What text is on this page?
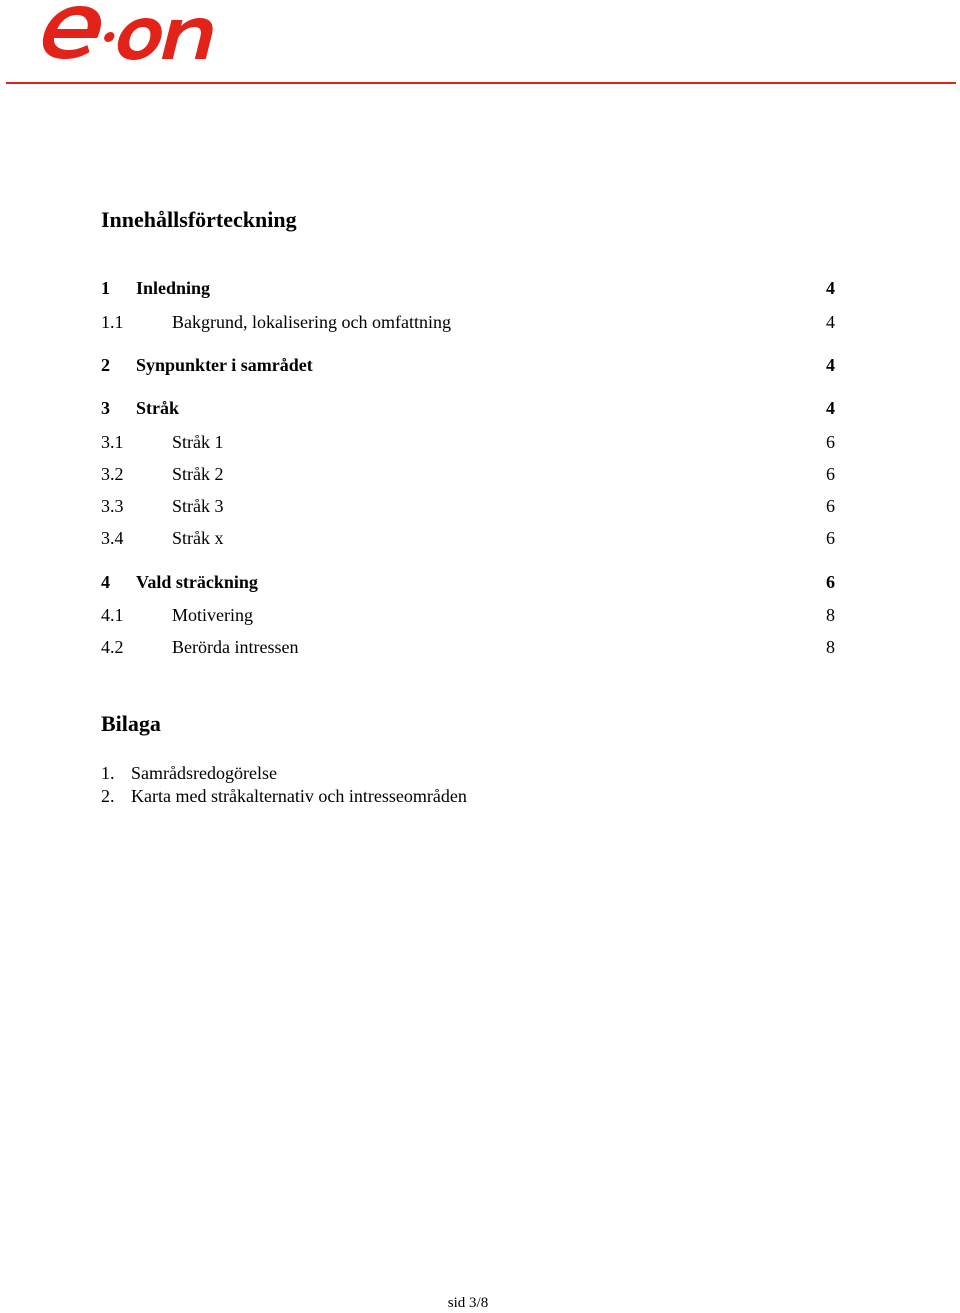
Innehållsförteckning
1 Inledning	4
1.1	Bakgrund, lokalisering och omfattning	4
2 Synpunkter i samrådet	4
3 Stråk	4
3.1	Stråk 1	6
3.2	Stråk 2	6
3.3	Stråk 3	6
3.4	Stråk x	6
4 Vald sträckning	6
4.1	Motivering	8
4.2	Berörda intressen	8
Bilaga
1. Samrådsredogörelse
2. Karta med stråkalternativ och intresseområden
sid 3/8
